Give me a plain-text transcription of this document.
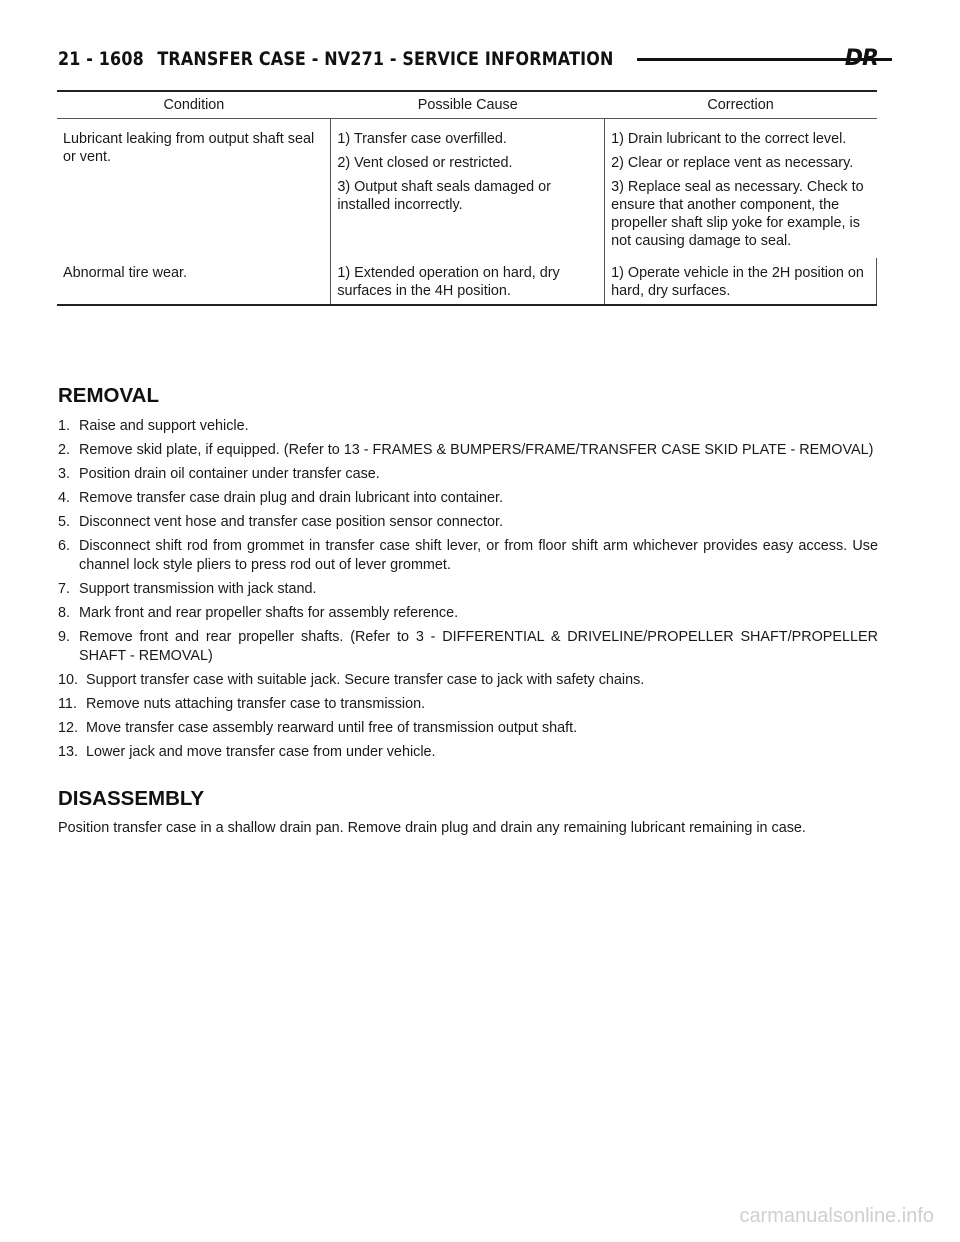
21 - 1608 TRANSFER CASE - NV271 - SERVICE INFORMATION	DR
Condition	Possible Cause	Correction
Lubricant leaking from output shaft seal or vent.	1) Transfer case overfilled.	1) Drain lubricant to the correct level.
	2) Vent closed or restricted.	2) Clear or replace vent as necessary.
	3) Output shaft seals damaged or installed incorrectly.	3) Replace seal as necessary. Check to ensure that another component, the propeller shaft slip yoke for example, is not causing damage to seal.
Abnormal tire wear.	1) Extended operation on hard, dry surfaces in the 4H position.	1) Operate vehicle in the 2H position on hard, dry surfaces.
REMOVAL
1. Raise and support vehicle.
2. Remove skid plate, if equipped. (Refer to 13 - FRAMES & BUMPERS/FRAME/TRANSFER CASE SKID PLATE - REMOVAL)
3. Position drain oil container under transfer case.
4. Remove transfer case drain plug and drain lubricant into container.
5. Disconnect vent hose and transfer case position sensor connector.
6. Disconnect shift rod from grommet in transfer case shift lever, or from floor shift arm whichever provides easy access. Use channel lock style pliers to press rod out of lever grommet.
7. Support transmission with jack stand.
8. Mark front and rear propeller shafts for assembly reference.
9. Remove front and rear propeller shafts. (Refer to 3 - DIFFERENTIAL & DRIVELINE/PROPELLER SHAFT/PROPELLER SHAFT - REMOVAL)
10. Support transfer case with suitable jack. Secure transfer case to jack with safety chains.
11. Remove nuts attaching transfer case to transmission.
12. Move transfer case assembly rearward until free of transmission output shaft.
13. Lower jack and move transfer case from under vehicle.
DISASSEMBLY

Position transfer case in a shallow drain pan. Remove drain plug and drain any remaining lubricant remaining in case.

carmanualsonline.info
